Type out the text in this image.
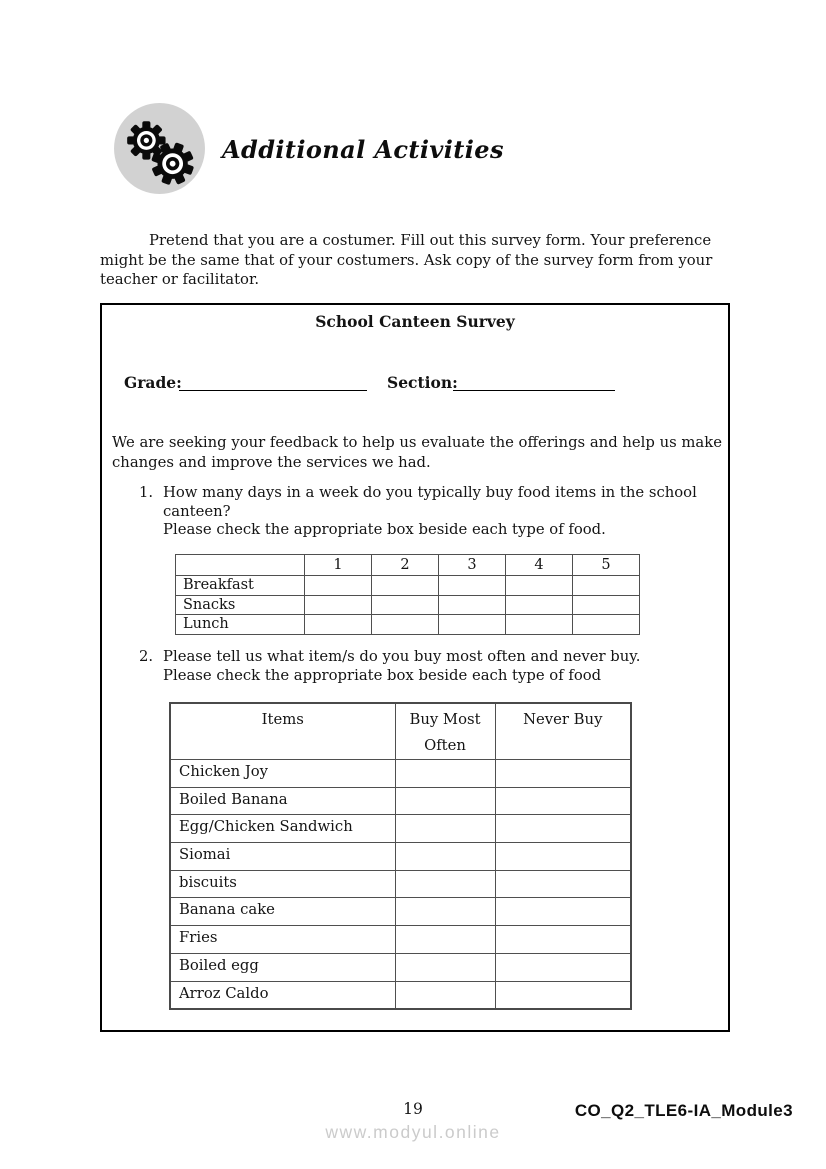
Additional Activities
Pretend that you are a costumer. Fill out this survey form. Your preference
might be the same that of your costumers. Ask copy of the survey form from your
teacher or facilitator.
School Canteen Survey
Grade:	Section:
We are seeking your feedback to help us evaluate the offerings and help us make
changes and improve the services we had.
1. How many days in a week do you typically buy food items in the school
canteen?
Please check the appropriate box beside each type of food.
	1	2	3	4	5
Breakfast					
Snacks					
Lunch					
2. Please tell us what item/s do you buy most often and never buy.
Please check the appropriate box beside each type of food
Items	Buy Most Often	Never Buy
Chicken Joy		
Boiled Banana		
Egg/Chicken Sandwich		
Siomai		
biscuits		
Banana cake		
Fries		
Boiled egg		
Arroz Caldo		
19
www.modyul.online
CO_Q2_TLE6-IA_Module3
